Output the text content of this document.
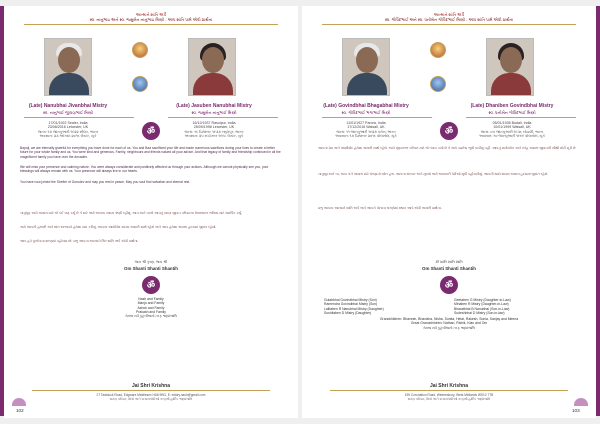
આત્માને શાંતિ અર્પે
સ્વ. નાનુભાઇ અને સ્વ. જસુબેન નાનુભાઇ મિસ્ત્રી - આપ શાંતિ પામે એવી પ્રાર્થના
(Late) Nanubhai Jivanbhai Mistry
સ્વ. નાનુભાઈ જીવણભાઈ મિસ્ત્રી
(Late) Jasuben Nanubhai Mistry
સ્વ. જસુબેન નાનુભાઈ મિસ્ત્રી
17/01/1922 Sealer, India
23/08/2016 Leicester, UK
જન્મ: ૧૭ જાન્યુઆરી ૧૯૨૨ સીલર, ભારત
અવસાન: ૨૩ ઓગસ્ટ ૨૦૧૬ લેસ્ટર, યુકે	ॐ
16/12/1937 Rasulpur, India
25/09/1998 Leicester, UK
જન્મ: ૧૬ ડિસેમ્બર ૧૯૩૭ રસુલપુર, ભારત
અવસાન: ૨૫ સપ્ટેમ્બર ૧૯૯૮ લેસ્ટર, યુકે
Bapuji, we are eternally grateful for everything you have done for each of us. You and Baa sacrificed your life and made numerous sacrifices during your lives to create a better future for your whole family and us. You were kind and generous. Family, neighbours and friends valued all your advice. And that legacy of family and friendship continued in all the magnificent family you have over the decades.
We will miss your presence and calming nature. You were always considerate and positively affected us through your actions. Although we cannot physically see you, your blessings will always remain with us. Your presence will always live in our hearts.
You have now joined the Shelter of Gurudev and may you rest in peace. May you soul find salvation and eternal rest.
બાપુજી, આપે અમારા માટે જે કંઈ પણ કર્યું છે તે માટે અમે આપના સદાય ઋણી રહીશું. આપ અને બાએ આપનું સમગ્ર જીવન પરિવારના ઉજ્જવળ ભવિષ્ય માટે સમર્પિત કર્યું.
અમે આપની હાજરી અને શાંત સ્વભાવને હંમેશા યાદ કરીશું. આપના આશીર્વાદ સદાય અમારી સાથે રહેશે અને આપ હંમેશા અમારા હૃદયમાં જીવંત રહેશો.
આપ હવે ગુરુદેવના શરણમાં પહોંચ્યા છો. પ્રભુ આપના આત્માને ચિર શાંતિ અર્પે એવી પ્રાર્થના.
જય શ્રી કૃષ્ણ, જય શ્રી
Om Shanti Shanti Shantih
ॐ
Nash and Family
Manju and Family
Ashok and Family
Prakash and Family
તેમજ સર્વે કુટુંબીજનો તરફ શ્રદ્ધાંજલિ
Jai Shri Krishna
27 Tadstock Road, Edgware Middlesex HA8 9BG, E: mistry.nash@gmail.com
સમગ્ર પરિવાર, મિત્રો અને સગાસંબંધીઓ તરફથી હાર્દિક શ્રદ્ધાંજલિ
102
આત્માને શાંતિ અર્પે
સ્વ. ગોવિંદભાઈ અને સ્વ. ધનીબેન ગોવિંદભાઈ મિસ્ત્રી - આપ શાંતિ પામે એવી પ્રાર્થના
(Late) Govindbhai Bhagabhai Mistry
સ્વ. ગોવિંદભાઈ ભગાભાઈ મિસ્ત્રી
(Late) Dhaniben Govindbhai Mistry
સ્વ. ધનીબેન ગોવિંદભાઈ મિસ્ત્રી
11/01/1927 Parora, India
17/12/2016 Walsall, UK
જન્મ: ૧૧ જાન્યુઆરી ૧૯૨૭ પરોરા, ભારત
અવસાન: ૧૭ ડિસેમ્બર ૨૦૧૬ વૉલસોલ, યુકે	ॐ
05/01/1936 Bodali, India
10/01/1999 Walsall, UK
જન્મ: ૦૫ જાન્યુઆરી ૧૯૩૬ બોડાલી, ભારત
અવસાન: ૧૦ જાન્યુઆરી ૧૯૯૯ વૉલસોલ, યુકે
આપના પ્રેમ અને આશીર્વાદ હંમેશા અમારી સાથે રહેશે. આપે જીવનભર પરિવાર માટે જે ત્યાગ કર્યો છે તે અમે ક્યારેય ભૂલી શકીશું નહીં. આપનું માર્ગદર્શન અને સ્નેહ અમારા જીવનની સૌથી મોટી મૂડી છે.
બાપુજી અને બા, આપ બંને અમારા માટે પ્રેરણાનો સ્ત્રોત હતા. આપના સંસ્કાર અને મૂલ્યો અમે આવનારી પેઢીઓ સુધી પહોંચાડીશું. આપની યાદો સદાય અમારા હૃદયમાં જીવંત રહેશે.
પ્રભુ આપના આત્માને શાંતિ અર્પે અને આપને પોતાના ચરણોમાં સ્થાન આપે એવી અમારી પ્રાર્થના.
ૐ શાંતિ શાંતિ શાંતિ
Om Shanti Shanti Shantih
ॐ
Gulabbhai Govindbhai Mistry (Son)
Ramendra Govindbhai Mistry (Son)
Lalitaben R Nanubhai Mistry (Daughter)
Sushilaben D Mistry (Daughter)
Geetaben G Mistry (Daughter-in-Law)
Minaben R Mistry (Daughter-in-Law)
Bharatbhai B Nanubhai (Son-in-Law)
Sudeshbhai D Mistry (Son-in-law)
Grandchildren: Bhavesh, Bhavisha, Nisha, Sunita, Hetal, Rakesh, Sonia, Sanjay and Meena
Great Grandchildren: Nathan, Rishik, Kian and Om
તેમજ સર્વે કુટુંબીજનો તરફ શ્રદ્ધાંજલિ
Jai Shri Krishna
195 Coronation Road, Wednesbury, West Midlands WS10 7TB
સમગ્ર પરિવાર, મિત્રો અને સગાસંબંધીઓ તરફથી હાર્દિક શ્રદ્ધાંજલિ
103
